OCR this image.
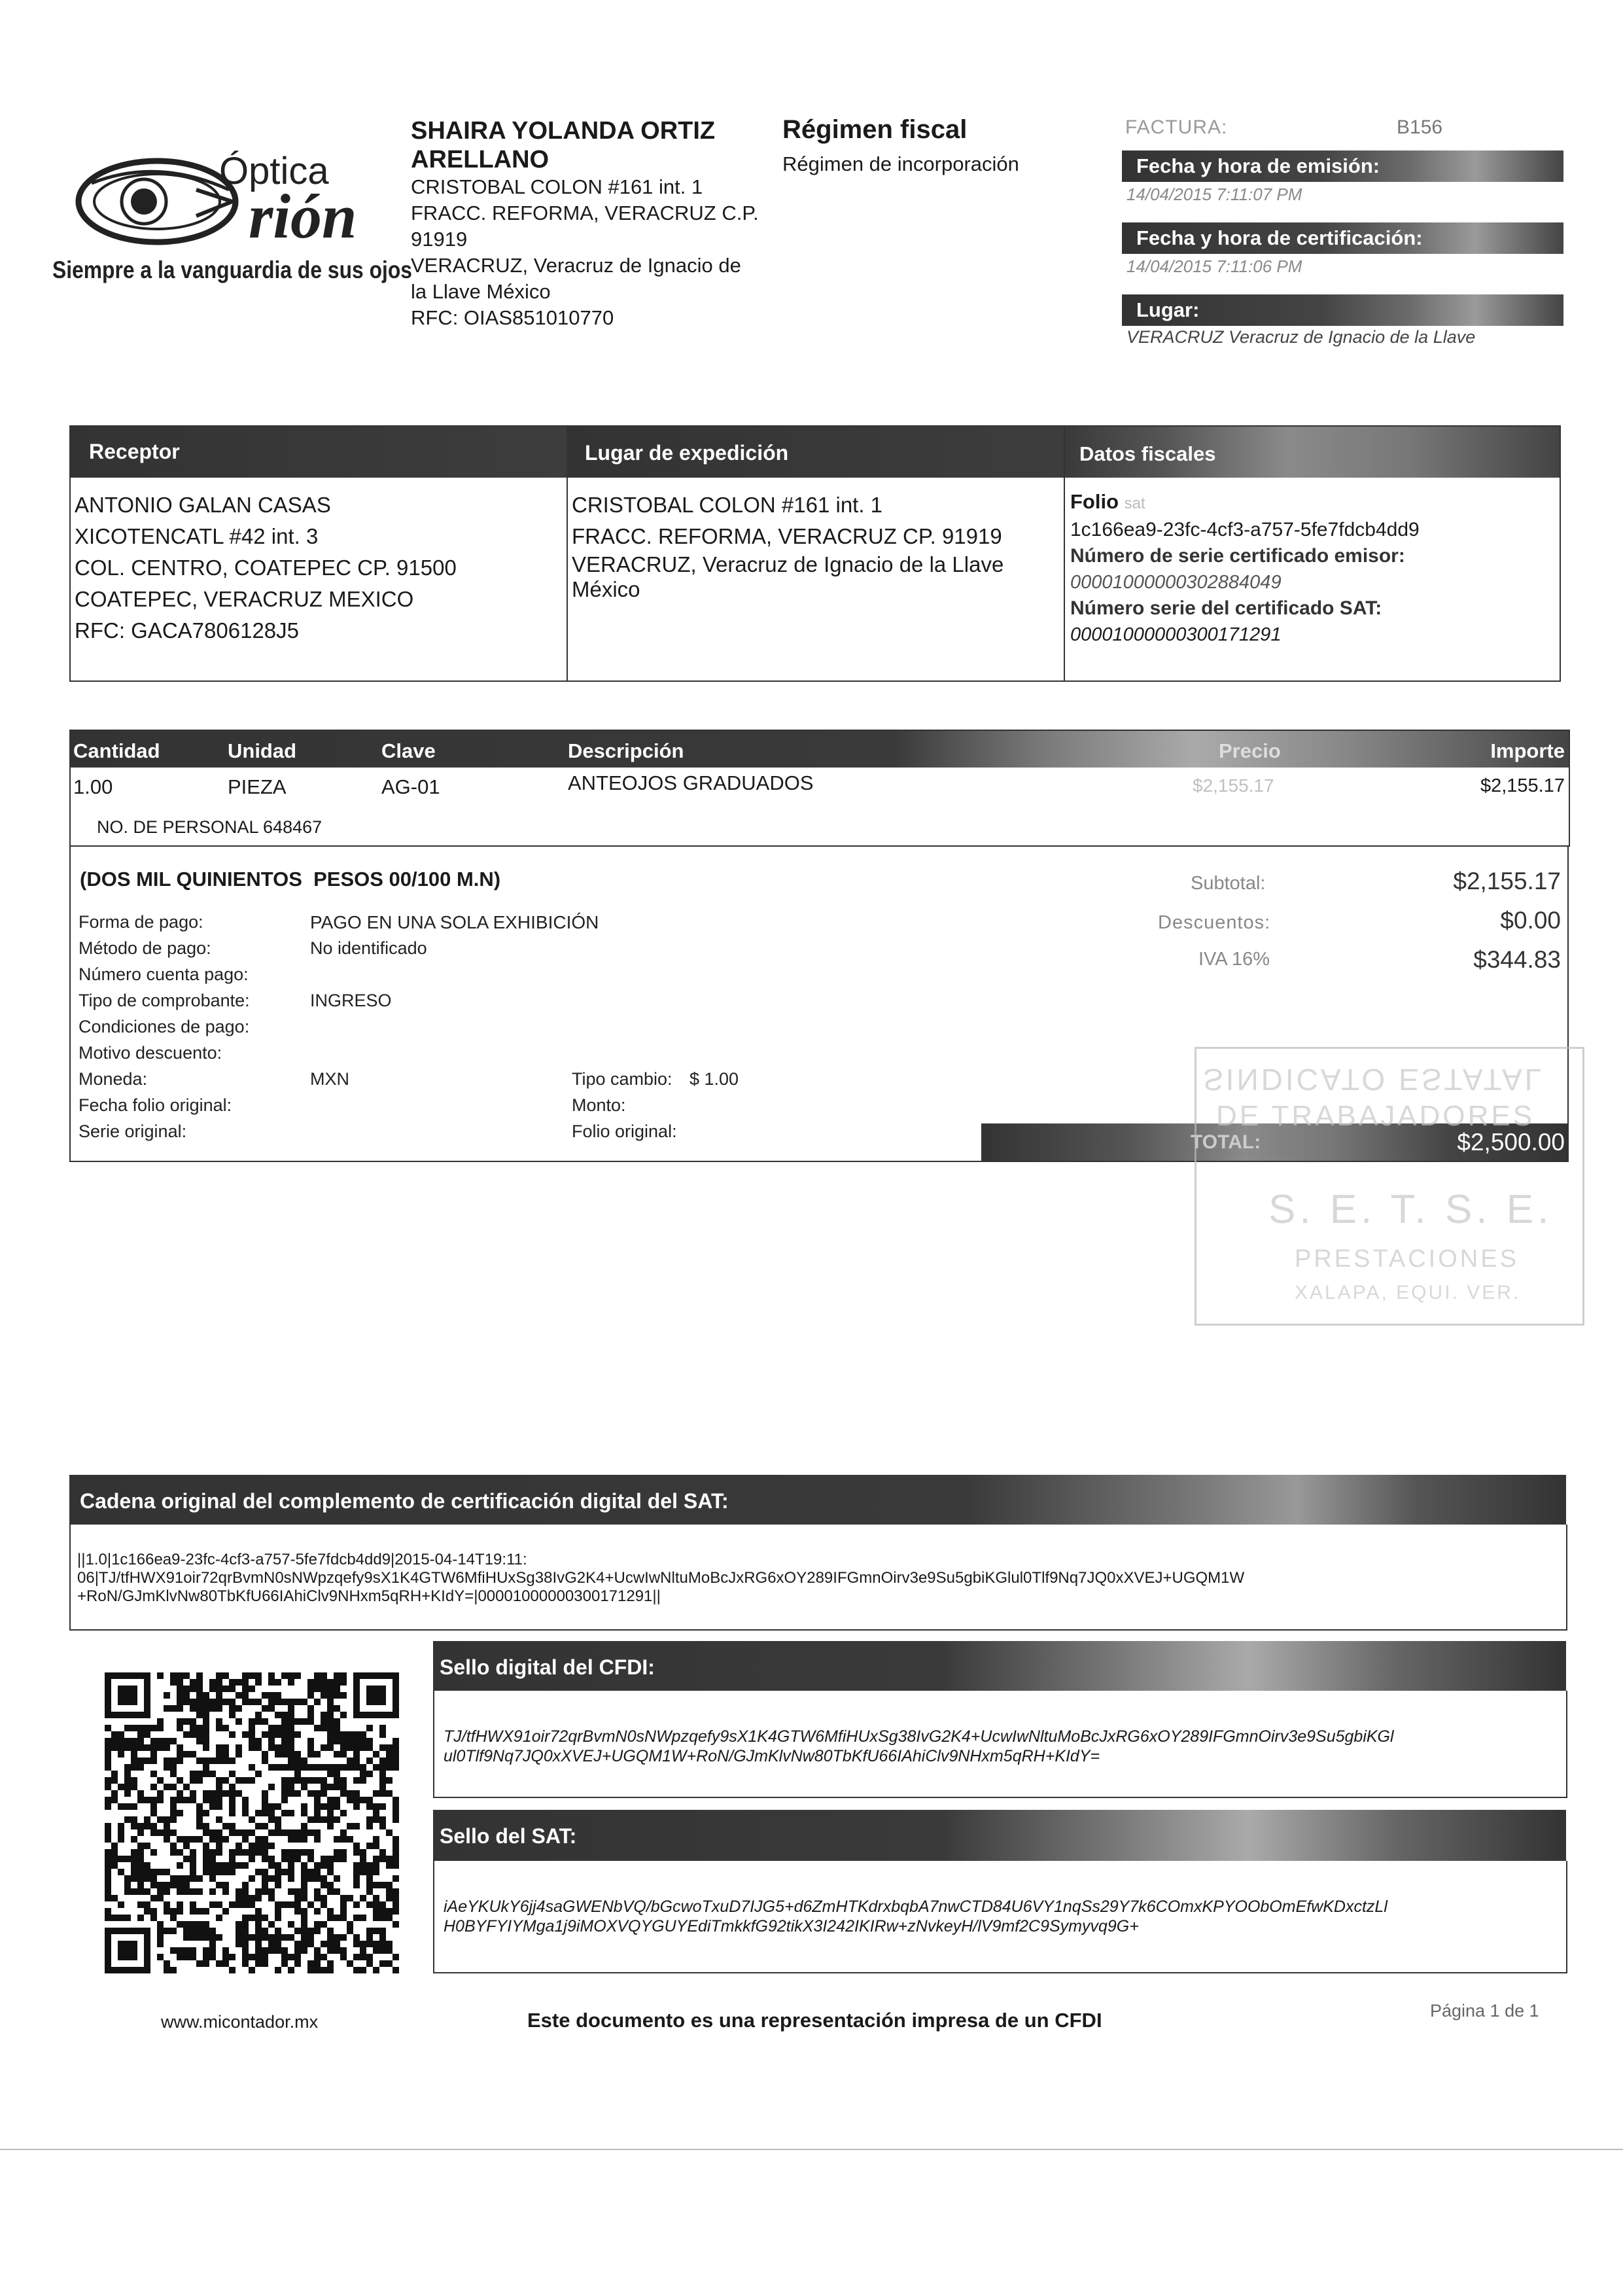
Óptica
rión
Siempre a la vanguardia de sus ojos
SHAIRA YOLANDA ORTIZ
ARELLANO
CRISTOBAL COLON #161 int. 1
FRACC. REFORMA, VERACRUZ C.P.
91919
VERACRUZ, Veracruz de Ignacio de
la Llave México
RFC: OIAS851010770
Régimen fiscal
Régimen de incorporación
FACTURA:	B156
Fecha y hora de emisión:
14/04/2015 7:11:07 PM
Fecha y hora de certificación:
14/04/2015 7:11:06 PM
Lugar:
VERACRUZ Veracruz de Ignacio de la Llave
Receptor
ANTONIO GALAN CASAS
XICOTENCATL #42 int. 3
COL. CENTRO, COATEPEC CP. 91500
COATEPEC, VERACRUZ MEXICO
RFC: GACA7806128J5
Lugar de expedición
CRISTOBAL COLON #161 int. 1
FRACC. REFORMA, VERACRUZ CP. 91919
VERACRUZ, Veracruz de Ignacio de la Llave
México
Datos fiscales
Folio sat
1c166ea9-23fc-4cf3-a757-5fe7fdcb4dd9
Número de serie certificado emisor:
00001000000302884049
Número serie del certificado SAT:
00001000000300171291
Cantidad	Unidad	Clave	Descripción	Precio	Importe
1.00	PIEZA	AG-01	ANTEOJOS GRADUADOS	$2,155.17	$2,155.17
NO. DE PERSONAL 648467
(DOS MIL QUINIENTOS  PESOS 00/100 M.N)
Forma de pago:	PAGO EN UNA SOLA EXHIBICIÓN
Método de pago:	No identificado
Número cuenta pago:
Tipo de comprobante:	INGRESO
Condiciones de pago:
Motivo descuento:
Moneda:	MXN	Tipo cambio: $ 1.00
Fecha folio original:	Monto:
Serie original:	Folio original:
Subtotal:	$2,155.17
Descuentos:	$0.00
IVA 16%	$344.83
TOTAL:	$2,500.00
SINDICATO ESTATAL
DE TRABAJADORES
S. E. T. S. E.
PRESTACIONES
XALAPA, EQUI. VER.
Cadena original del complemento de certificación digital del SAT:
||1.0|1c166ea9-23fc-4cf3-a757-5fe7fdcb4dd9|2015-04-14T19:11:
06|TJ/tfHWX91oir72qrBvmN0sNWpzqefy9sX1K4GTW6MfiHUxSg38IvG2K4+UcwIwNltuMoBcJxRG6xOY289IFGmnOirv3e9Su5gbiKGlul0Tlf9Nq7JQ0xXVEJ+UGQM1W
+RoN/GJmKlvNw80TbKfU66IAhiClv9NHxm5qRH+KIdY=|00001000000300171291||
Sello digital del CFDI:
TJ/tfHWX91oir72qrBvmN0sNWpzqefy9sX1K4GTW6MfiHUxSg38IvG2K4+UcwIwNltuMoBcJxRG6xOY289IFGmnOirv3e9Su5gbiKGl
ul0Tlf9Nq7JQ0xXVEJ+UGQM1W+RoN/GJmKlvNw80TbKfU66IAhiClv9NHxm5qRH+KIdY=
Sello del SAT:
iAeYKUkY6jj4saGWENbVQ/bGcwoTxuD7IJG5+d6ZmHTKdrxbqbA7nwCTD84U6VY1nqSs29Y7k6COmxKPYOObOmEfwKDxctzLl
H0BYFYIYMga1j9iMOXVQYGUYEdiTmkkfG92tikX3I242IKIRw+zNvkeyH/lV9mf2C9Symyvq9G+
www.micontador.mx	Este documento es una representación impresa de un CFDI	Página 1 de 1
